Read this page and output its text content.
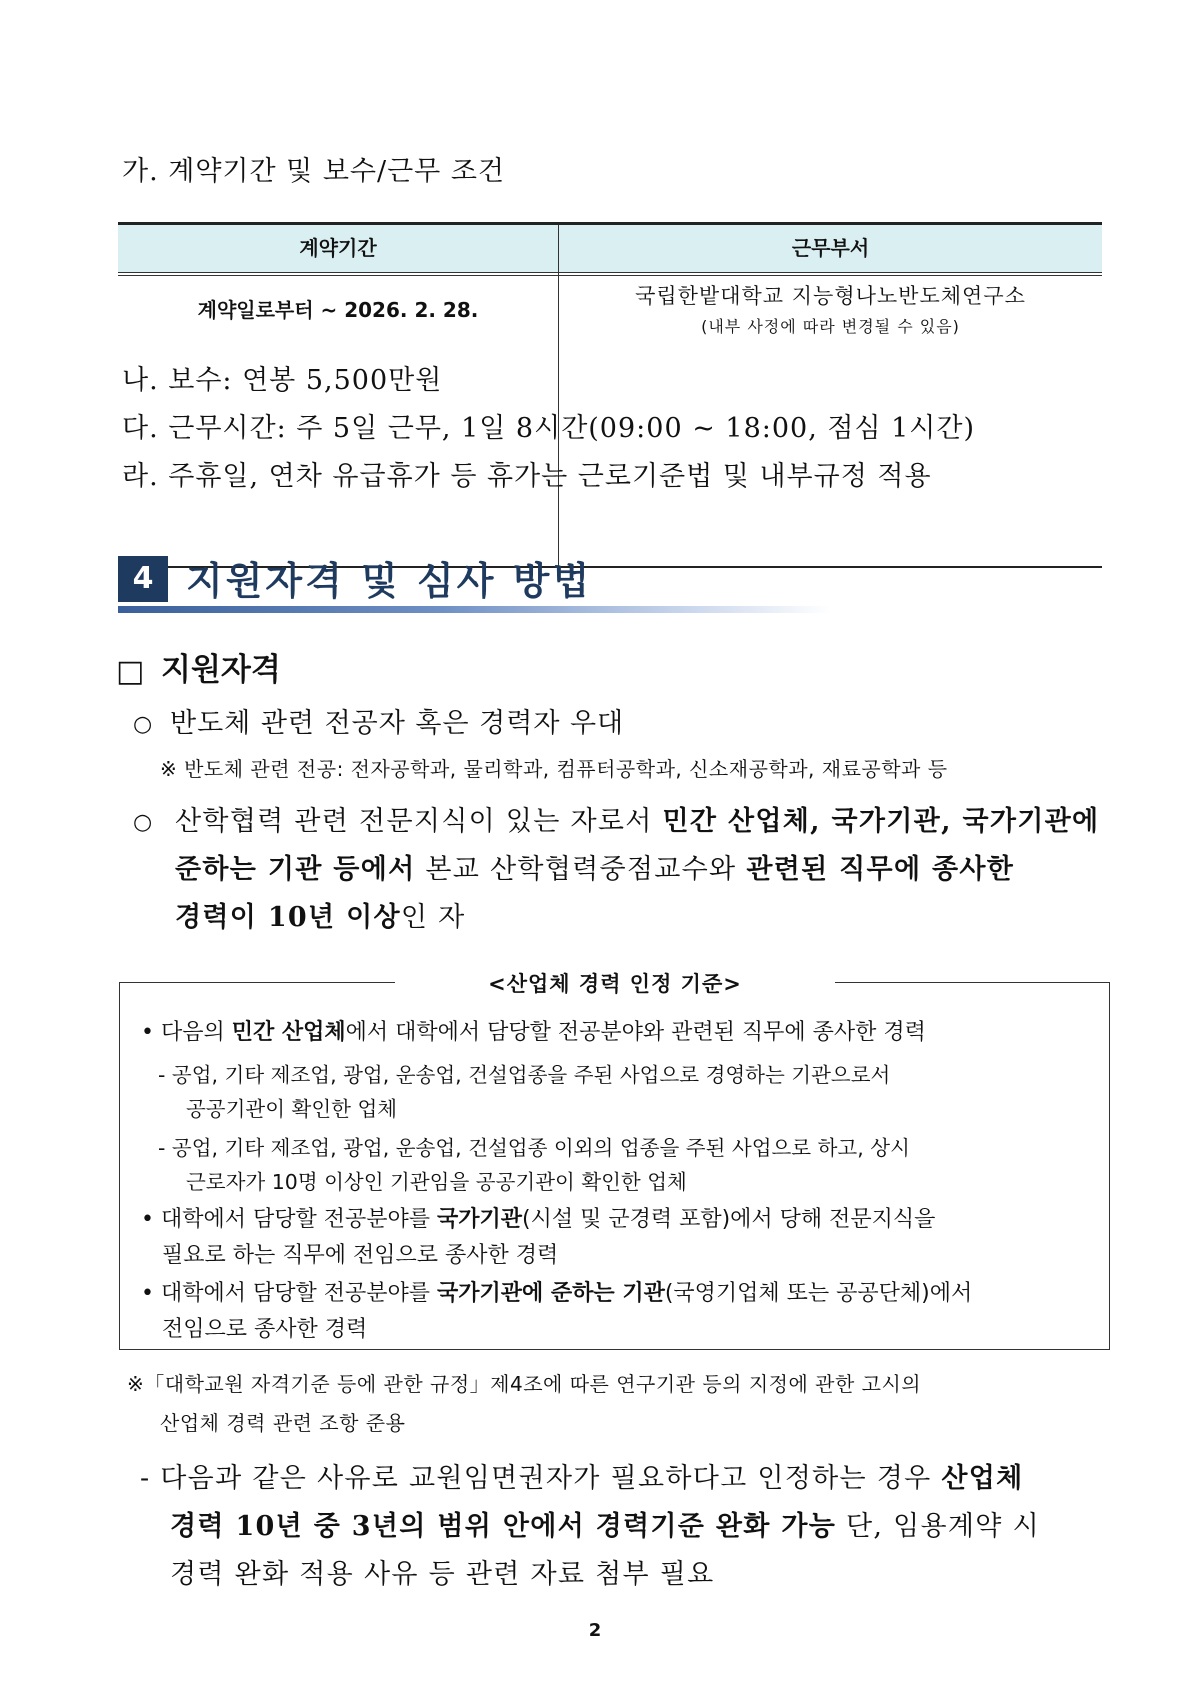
가. 계약기간 및 보수/근무 조건
계약기간	근무부서
계약일로부터 ~ 2026. 2. 28.
국립한밭대학교 지능형나노반도체연구소
(내부 사정에 따라 변경될 수 있음)
나. 보수: 연봉 5,500만원
다. 근무시간: 주 5일 근무, 1일 8시간(09:00 ~ 18:00, 점심 1시간)
라. 주휴일, 연차 유급휴가 등 휴가는 근로기준법 및 내부규정 적용
4 지원자격 및 심사 방법
□ 지원자격
○ 반도체 관련 전공자 혹은 경력자 우대
※ 반도체 관련 전공: 전자공학과, 물리학과, 컴퓨터공학과, 신소재공학과, 재료공학과 등
○ 산학협력 관련 전문지식이 있는 자로서 민간 산업체, 국가기관, 국가기관에
준하는 기관 등에서 본교 산학협력중점교수와 관련된 직무에 종사한
경력이 10년 이상인 자
<산업체 경력 인정 기준>
• 다음의 민간 산업체에서 대학에서 담당할 전공분야와 관련된 직무에 종사한 경력
- 공업, 기타 제조업, 광업, 운송업, 건설업종을 주된 사업으로 경영하는 기관으로서
공공기관이 확인한 업체
- 공업, 기타 제조업, 광업, 운송업, 건설업종 이외의 업종을 주된 사업으로 하고, 상시
근로자가 10명 이상인 기관임을 공공기관이 확인한 업체
• 대학에서 담당할 전공분야를 국가기관(시설 및 군경력 포함)에서 당해 전문지식을
필요로 하는 직무에 전임으로 종사한 경력
• 대학에서 담당할 전공분야를 국가기관에 준하는 기관(국영기업체 또는 공공단체)에서
전임으로 종사한 경력
※「대학교원 자격기준 등에 관한 규정」제4조에 따른 연구기관 등의 지정에 관한 고시의
산업체 경력 관련 조항 준용
- 다음과 같은 사유로 교원임면권자가 필요하다고 인정하는 경우 산업체
경력 10년 중 3년의 범위 안에서 경력기준 완화 가능 단, 임용계약 시
경력 완화 적용 사유 등 관련 자료 첨부 필요
2
